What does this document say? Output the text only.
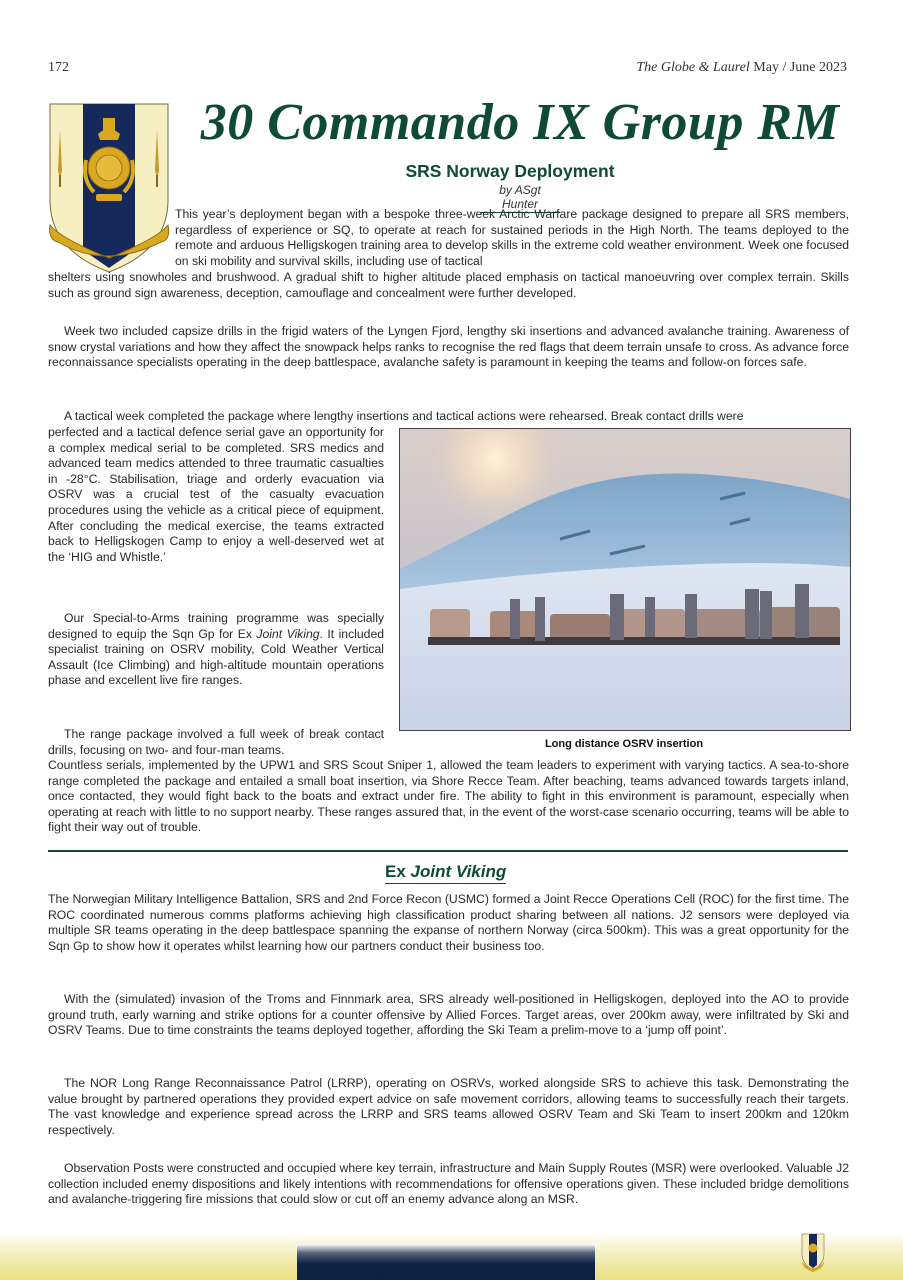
172	The Globe & Laurel May / June 2023
30 Commando IX Group RM
SRS Norway Deployment
by ASgt Hunter
This year’s deployment began with a bespoke three-week Arctic Warfare package designed to prepare all SRS members, regardless of experience or SQ, to operate at reach for sustained periods in the High North. The teams deployed to the remote and arduous Helligskogen training area to develop skills in the extreme cold weather environment. Week one focused on ski mobility and survival skills, including use of tactical
shelters using snowholes and brushwood. A gradual shift to higher altitude placed emphasis on tactical manoeuvring over complex terrain. Skills such as ground sign awareness, deception, camouflage and concealment were further developed.
Week two included capsize drills in the frigid waters of the Lyngen Fjord, lengthy ski insertions and advanced avalanche training. Awareness of snow crystal variations and how they affect the snowpack helps ranks to recognise the red flags that deem terrain unsafe to cross. As advance force reconnaissance specialists operating in the deep battlespace, avalanche safety is paramount in keeping the teams and follow-on forces safe.
A tactical week completed the package where lengthy insertions and tactical actions were rehearsed. Break contact drills were
perfected and a tactical defence serial gave an opportunity for a complex medical serial to be completed. SRS medics and advanced team medics attended to three traumatic casualties in -28°C. Stabilisation, triage and orderly evacuation via OSRV was a crucial test of the casualty evacuation procedures using the vehicle as a critical piece of equipment. After concluding the medical exercise, the teams extracted back to Helligskogen Camp to enjoy a well-deserved wet at the ‘HIG and Whistle.’
Our Special-to-Arms training programme was specially designed to equip the Sqn Gp for Ex Joint Viking. It included specialist training on OSRV mobility, Cold Weather Vertical Assault (Ice Climbing) and high-altitude mountain operations phase and excellent live fire ranges.
The range package involved a full week of break contact drills, focusing on two- and four-man teams.
Countless serials, implemented by the UPW1 and SRS Scout Sniper 1, allowed the team leaders to experiment with varying tactics. A sea-to-shore range completed the package and entailed a small boat insertion, via Shore Recce Team. After beaching, teams advanced towards targets inland, once contacted, they would fight back to the boats and extract under fire. The ability to fight in this environment is paramount, especially when operating at reach with little to no support nearby. These ranges assured that, in the event of the worst-case scenario occurring, teams will be able to fight their way out of trouble.
Long distance OSRV insertion
Ex Joint Viking
The Norwegian Military Intelligence Battalion, SRS and 2nd Force Recon (USMC) formed a Joint Recce Operations Cell (ROC) for the first time. The ROC coordinated numerous comms platforms achieving high classification product sharing between all nations. J2 sensors were deployed via multiple SR teams operating in the deep battlespace spanning the expanse of northern Norway (circa 500km). This was a great opportunity for the Sqn Gp to show how it operates whilst learning how our partners conduct their business too.
With the (simulated) invasion of the Troms and Finnmark area, SRS already well-positioned in Helligskogen, deployed into the AO to provide ground truth, early warning and strike options for a counter offensive by Allied Forces. Target areas, over 200km away, were infiltrated by Ski and OSRV Teams. Due to time constraints the teams deployed together, affording the Ski Team a prelim-move to a ‘jump off point’.
The NOR Long Range Reconnaissance Patrol (LRRP), operating on OSRVs, worked alongside SRS to achieve this task. Demonstrating the value brought by partnered operations they provided expert advice on safe movement corridors, allowing teams to successfully reach their targets. The vast knowledge and experience spread across the LRRP and SRS teams allowed OSRV Team and Ski Team to insert 200km and 120km respectively.
Observation Posts were constructed and occupied where key terrain, infrastructure and Main Supply Routes (MSR) were overlooked. Valuable J2 collection included enemy dispositions and likely intentions with recommendations for offensive operations given. These included bridge demolitions and avalanche-triggering fire missions that could slow or cut off an enemy advance along an MSR.
